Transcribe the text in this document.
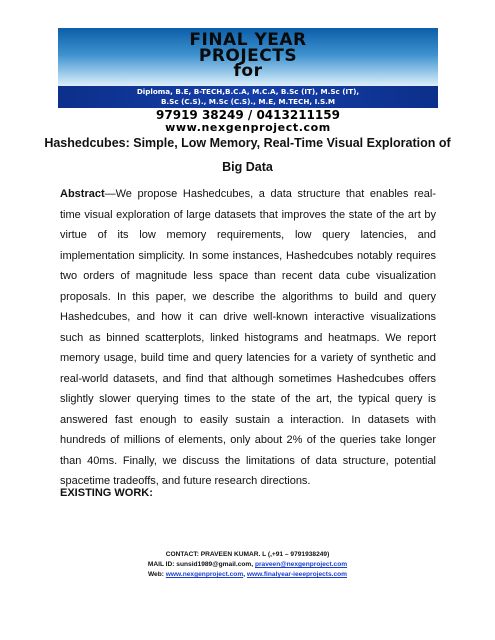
FINAL YEAR
PROJECTS
for
Diploma, B.E, B-TECH,B.C.A, M.C.A, B.Sc (IT), M.Sc (IT),
B.Sc (C.S)., M.Sc (C.S)., M.E, M.TECH, I.S.M
97919 38249 / 0413211159
www.nexgenproject.com
Hashedcubes: Simple, Low Memory, Real-Time Visual Exploration of
Big Data
Abstract—We propose Hashedcubes, a data structure that enables real-time visual exploration of large datasets that improves the state of the art by virtue of its low memory requirements, low query latencies, and implementation simplicity. In some instances, Hashedcubes notably requires two orders of magnitude less space than recent data cube visualization proposals. In this paper, we describe the algorithms to build and query Hashedcubes, and how it can drive well-known interactive visualizations such as binned scatterplots, linked histograms and heatmaps. We report memory usage, build time and query latencies for a variety of synthetic and real-world datasets, and find that although sometimes Hashedcubes offers slightly slower querying times to the state of the art, the typical query is answered fast enough to easily sustain a interaction. In datasets with hundreds of millions of elements, only about 2% of the queries take longer than 40ms. Finally, we discuss the limitations of data structure, potential spacetime tradeoffs, and future research directions.
EXISTING WORK:
CONTACT: PRAVEEN KUMAR. L (,+91 – 9791938249)
MAIL ID: sunsid1989@gmail.com, praveen@nexgenproject.com
Web: www.nexgenproject.com, www.finalyear-ieeeprojects.com
